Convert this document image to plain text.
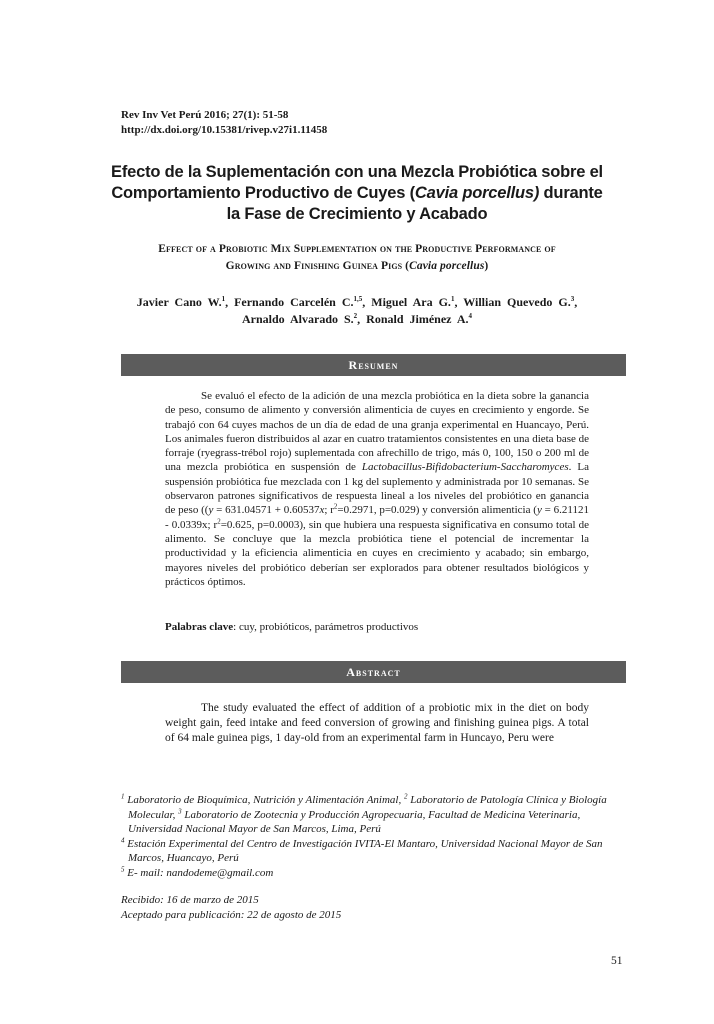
Rev Inv Vet Perú 2016; 27(1): 51-58
http://dx.doi.org/10.15381/rivep.v27i1.11458
Efecto de la Suplementación con una Mezcla Probiótica sobre el
Comportamiento Productivo de Cuyes (Cavia porcellus) durante
la Fase de Crecimiento y Acabado
Effect of a Probiotic Mix Supplementation on the Productive Performance of
Growing and Finishing Guinea Pigs (Cavia porcellus)
Javier Cano W.$^1$, Fernando Carcelén C.$^{1,5}$, Miguel Ara G.$^1$, Willian Quevedo G.$^3$,
Arnaldo Alvarado S.$^2$, Ronald Jiménez A.$^4$
Resumen
Se evaluó el efecto de la adición de una mezcla probiótica en la dieta sobre la ganancia de peso, consumo de alimento y conversión alimenticia de cuyes en crecimiento y engorde. Se trabajó con 64 cuyes machos de un día de edad de una granja experimental en Huancayo, Perú. Los animales fueron distribuidos al azar en cuatro tratamientos consistentes en una dieta base de forraje (ryegrass-trébol rojo) suplementada con afrechillo de trigo, más 0, 100, 150 o 200 ml de una mezcla probiótica en suspensión de Lactobacillus-Bifidobacterium-Saccharomyces. La suspensión probiótica fue mezclada con 1 kg del suplemento y administrada por 10 semanas. Se observaron patrones significativos de respuesta lineal a los niveles del probiótico en ganancia de peso ((y = 631.04571 + 0.60537x; $r^2=0.2971$, p=0.029) y conversión alimenticia (y = 6.21121 - 0.0339x; $r^2=0.625$, p=0.0003), sin que hubiera una respuesta significativa en consumo total de alimento. Se concluye que la mezcla probiótica tiene el potencial de incrementar la productividad y la eficiencia alimenticia en cuyes en crecimiento y acabado; sin embargo, mayores niveles del probiótico deberían ser explorados para obtener resultados biológicos y prácticos óptimos.
Palabras clave: cuy, probióticos, parámetros productivos
Abstract
The study evaluated the effect of addition of a probiotic mix in the diet on body weight gain, feed intake and feed conversion of growing and finishing guinea pigs. A total of 64 male guinea pigs, 1 day-old from an experimental farm in Huncayo, Peru were

$^1$ Laboratorio de Bioquímica, Nutrición y Alimentación Animal, $^2$ Laboratorio de Patología Clínica y Biología Molecular, $^3$ Laboratorio de Zootecnia y Producción Agropecuaria, Facultad de Medicina Veterinaria, Universidad Nacional Mayor de San Marcos, Lima, Perú

$^4$ Estación Experimental del Centro de Investigación IVITA-El Mantaro, Universidad Nacional Mayor de San Marcos, Huancayo, Perú

$^5$ E- mail: nandodeme@gmail.com

Recibido: 16 de marzo de 2015

Aceptado para publicación: 22 de agosto de 2015

51
